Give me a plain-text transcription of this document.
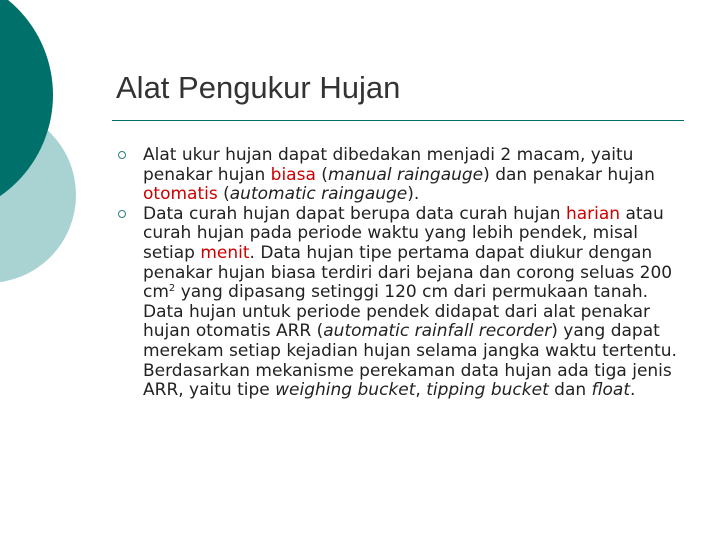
Alat Pengukur Hujan
Alat ukur hujan dapat dibedakan menjadi 2 macam, yaitu penakar hujan biasa (manual raingauge) dan penakar hujan otomatis (automatic raingauge).
Data curah hujan dapat berupa data curah hujan harian atau curah hujan pada periode waktu yang lebih pendek, misal setiap menit. Data hujan tipe pertama dapat diukur dengan penakar hujan biasa terdiri dari bejana dan corong seluas 200 $cm^2$ yang dipasang setinggi 120 cm dari permukaan tanah. Data hujan untuk periode pendek didapat dari alat penakar hujan otomatis ARR (automatic rainfall recorder) yang dapat merekam setiap kejadian hujan selama jangka waktu tertentu. Berdasarkan mekanisme perekaman data hujan ada tiga jenis ARR, yaitu tipe weighing bucket, tipping bucket dan float.
